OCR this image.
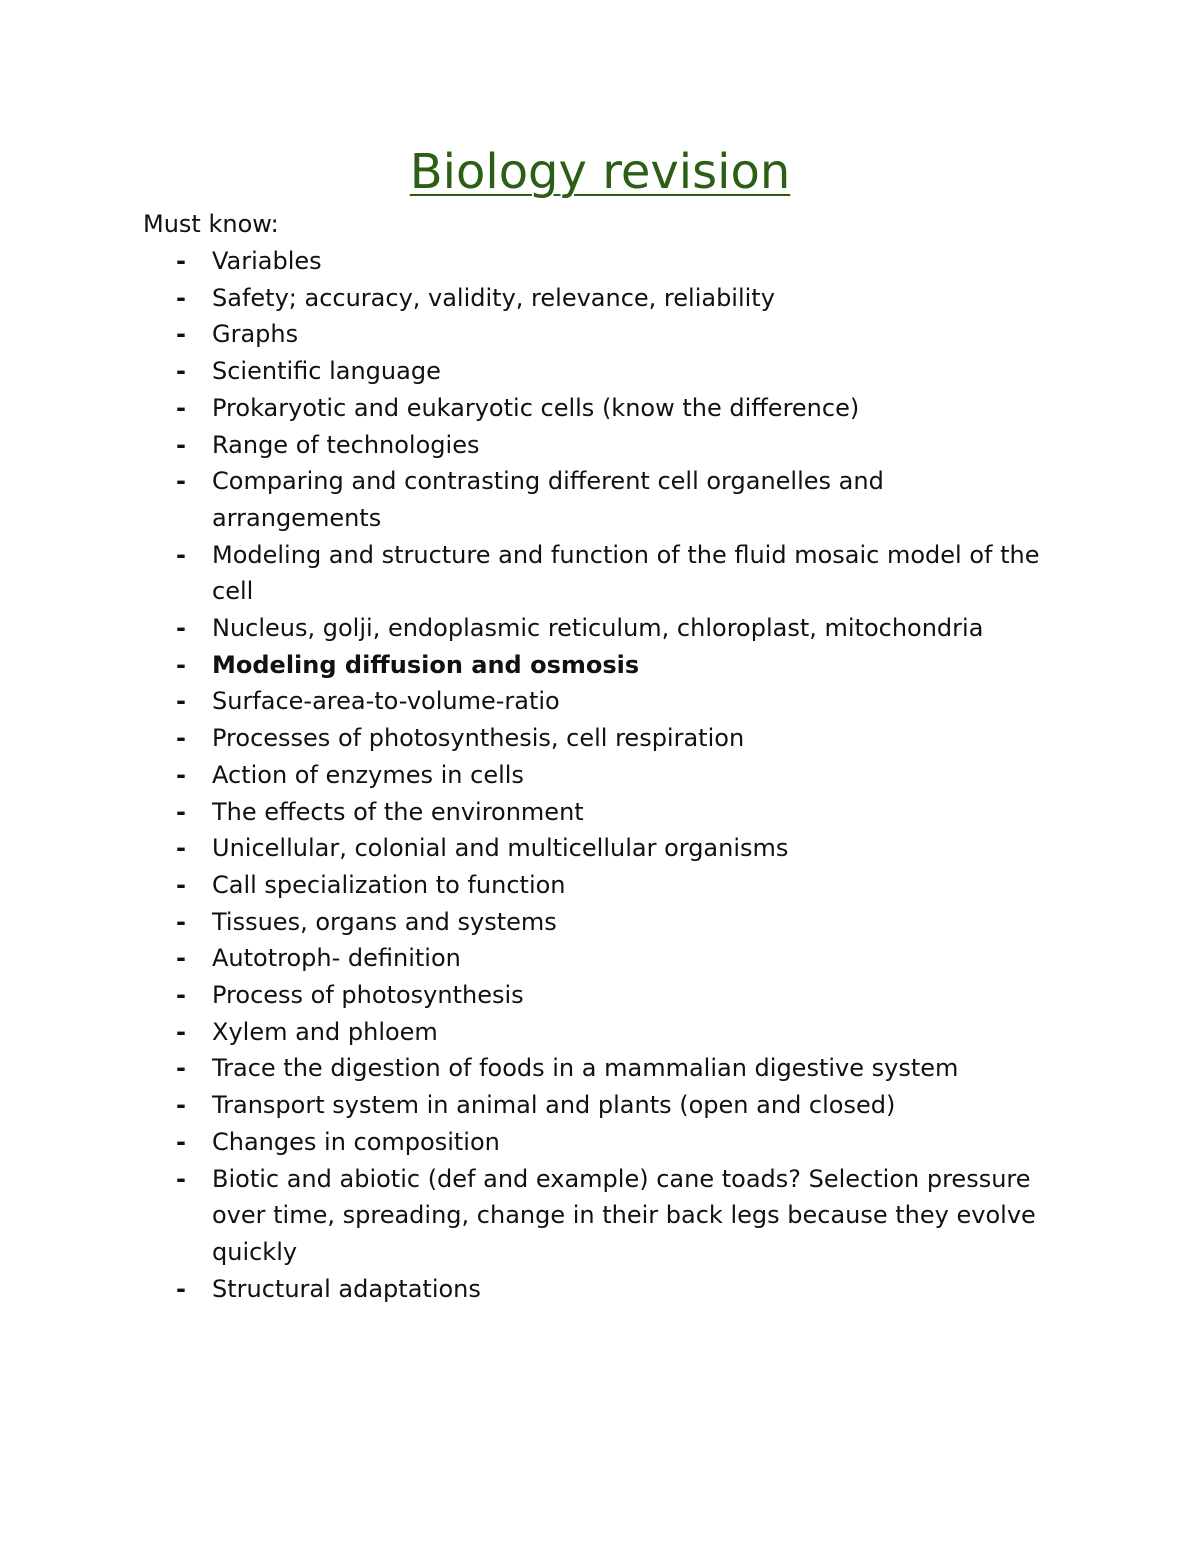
Biology revision

Must know:

- Variables
- Safety; accuracy, validity, relevance, reliability
- Graphs
- Scientific language
- Prokaryotic and eukaryotic cells (know the difference)
- Range of technologies
- Comparing and contrasting different cell organelles and arrangements
- Modeling and structure and function of the fluid mosaic model of the cell
- Nucleus, golji, endoplasmic reticulum, chloroplast, mitochondria
- Modeling diffusion and osmosis
- Surface-area-to-volume-ratio
- Processes of photosynthesis, cell respiration
- Action of enzymes in cells
- The effects of the environment
- Unicellular, colonial and multicellular organisms
- Call specialization to function
- Tissues, organs and systems
- Autotroph- definition
- Process of photosynthesis
- Xylem and phloem
- Trace the digestion of foods in a mammalian digestive system
- Transport system in animal and plants (open and closed)
- Changes in composition
- Biotic and abiotic (def and example) cane toads? Selection pressure over time, spreading, change in their back legs because they evolve quickly
- Structural adaptations
